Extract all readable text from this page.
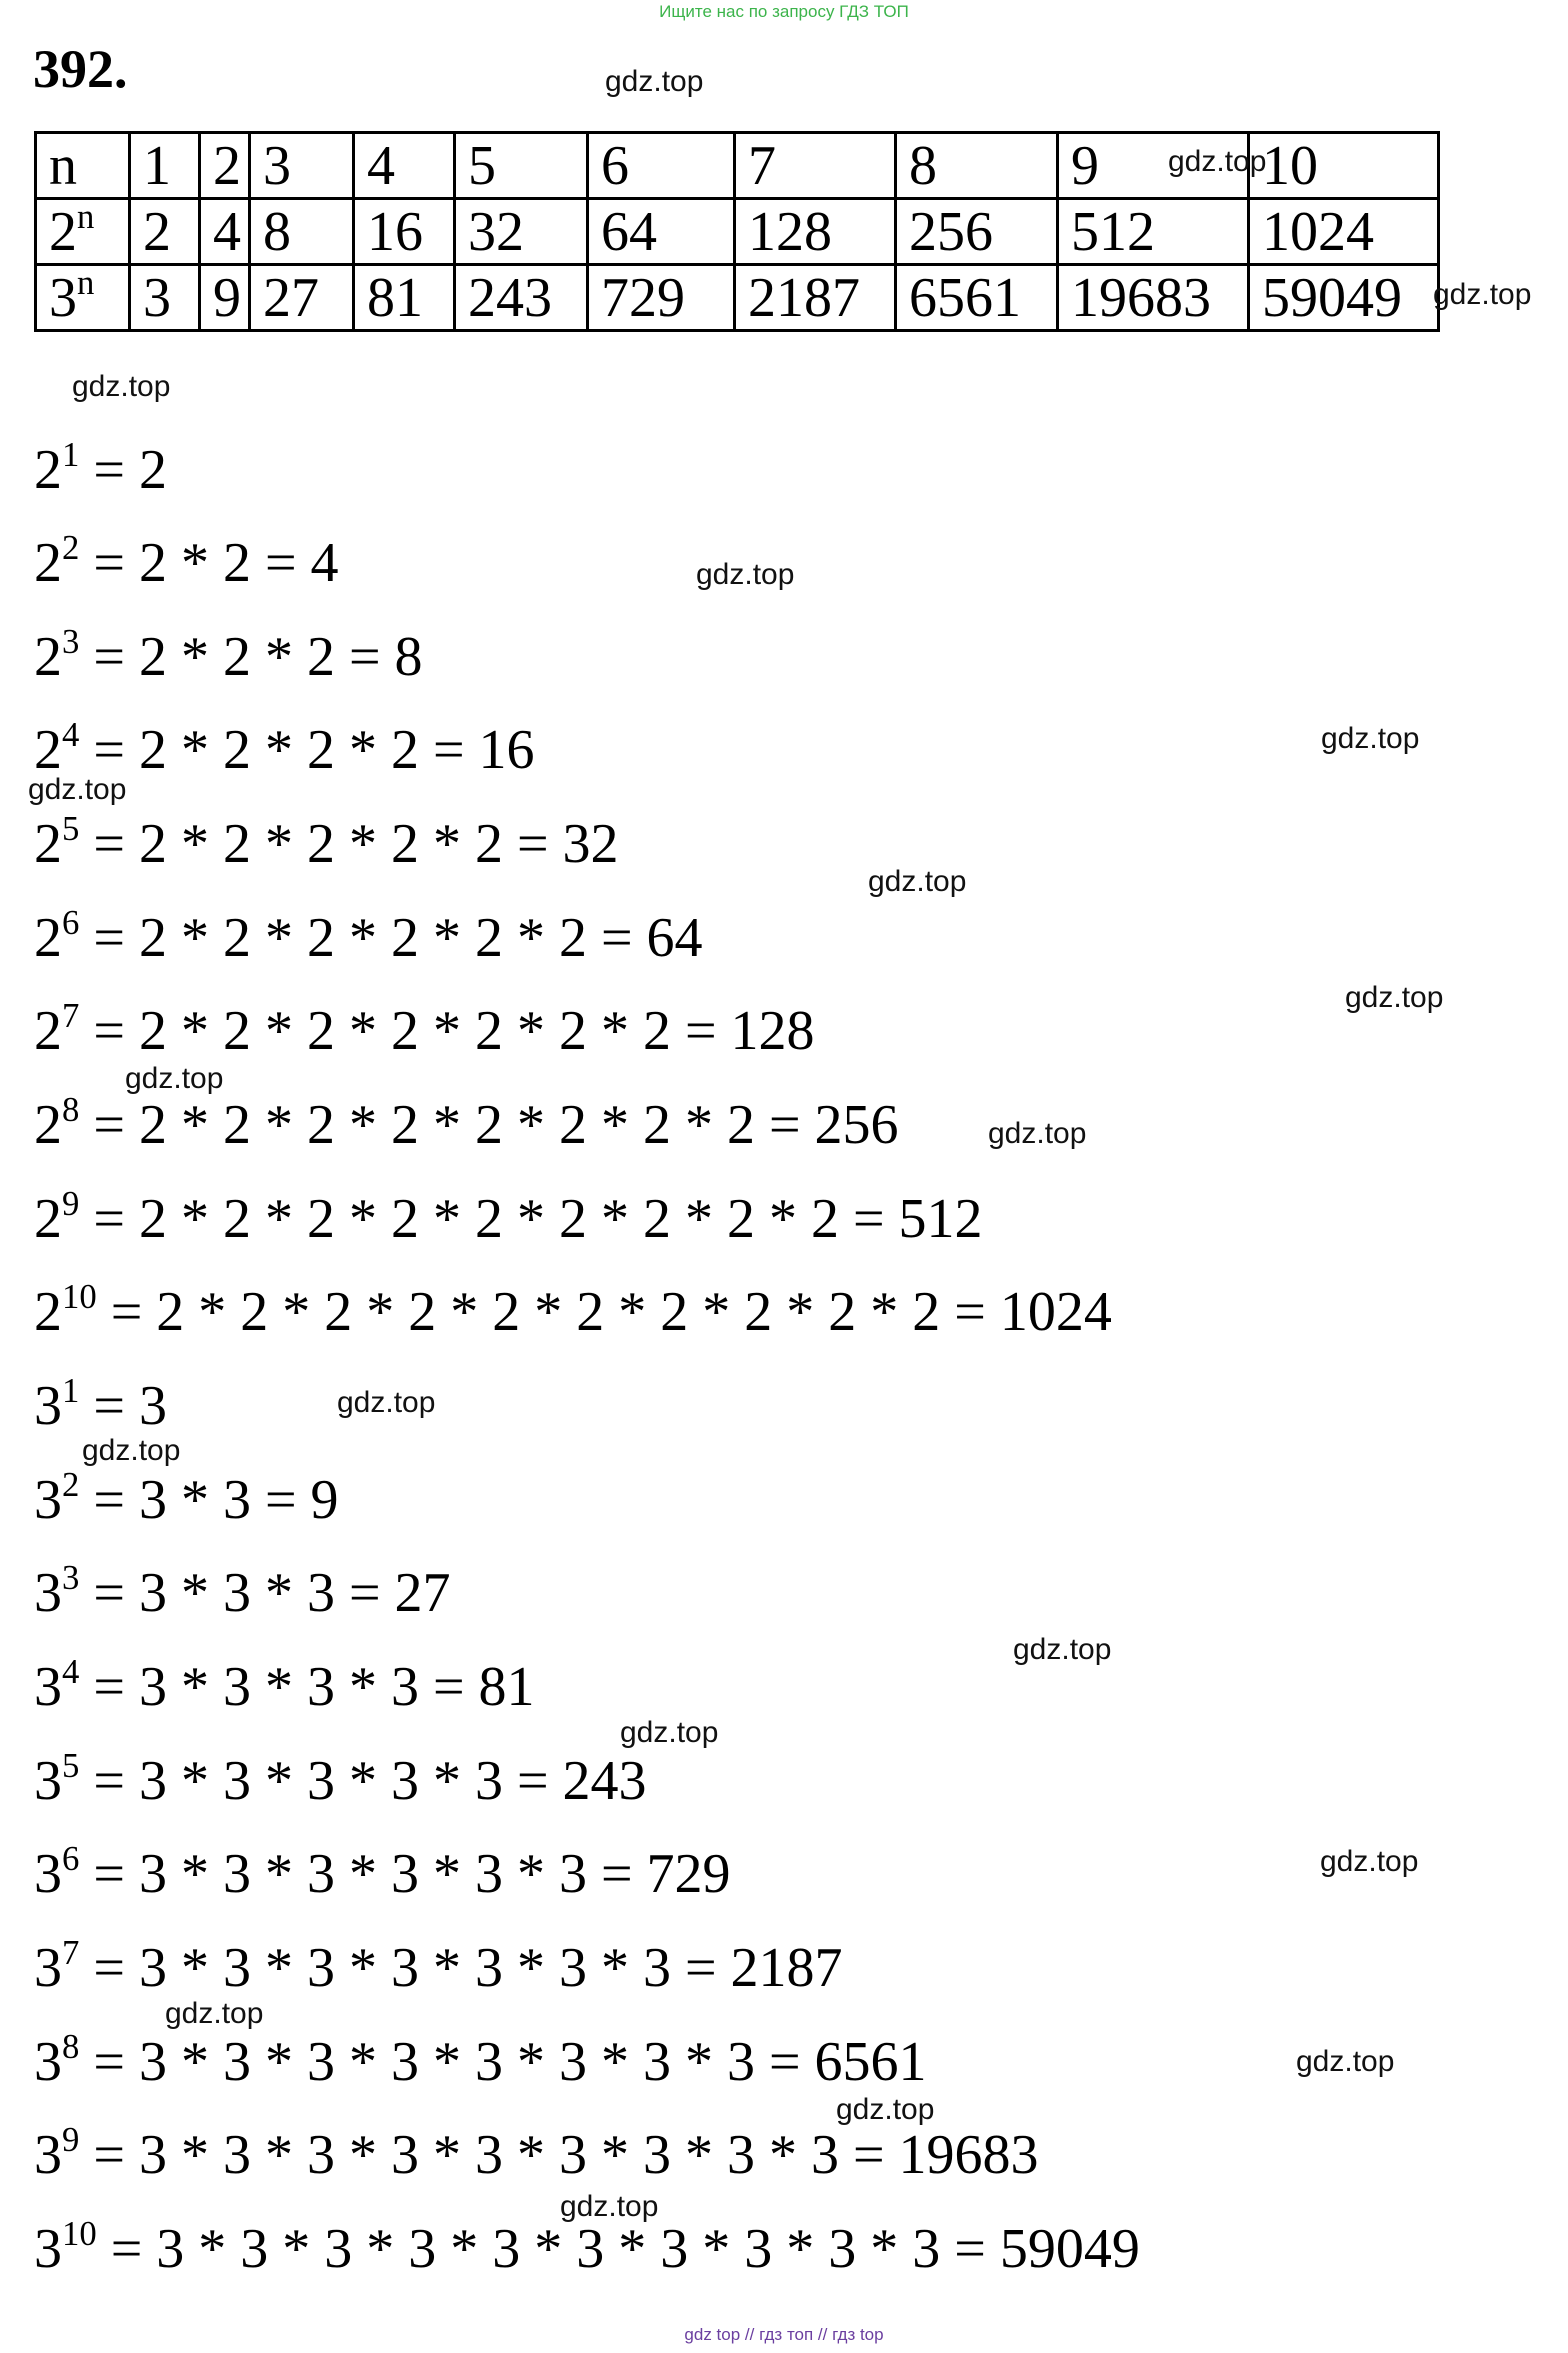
Ищите нас по запросу ГДЗ ТОП
392.
n	1	2	3	4	5	6	7	8	9	10
2$^n$	2	4	8	16	32	64	128	256	512	1024
3$^n$	3	9	27	81	243	729	2187	6561	19683	59049
$2^1 = 2$
$2^2 = 2 * 2 = 4$
$2^3 = 2 * 2 * 2 = 8$
$2^4 = 2 * 2 * 2 * 2 = 16$
$2^5 = 2 * 2 * 2 * 2 * 2 = 32$
$2^6 = 2 * 2 * 2 * 2 * 2 * 2 = 64$
$2^7 = 2 * 2 * 2 * 2 * 2 * 2 * 2 = 128$
$2^8 = 2 * 2 * 2 * 2 * 2 * 2 * 2 * 2 = 256$
$2^9 = 2 * 2 * 2 * 2 * 2 * 2 * 2 * 2 * 2 = 512$
$2^{10} = 2 * 2 * 2 * 2 * 2 * 2 * 2 * 2 * 2 * 2 = 1024$
$3^1 = 3$
$3^2 = 3 * 3 = 9$
$3^3 = 3 * 3 * 3 = 27$
$3^4 = 3 * 3 * 3 * 3 = 81$
$3^5 = 3 * 3 * 3 * 3 * 3 = 243$
$3^6 = 3 * 3 * 3 * 3 * 3 * 3 = 729$
$3^7 = 3 * 3 * 3 * 3 * 3 * 3 * 3 = 2187$
$3^8 = 3 * 3 * 3 * 3 * 3 * 3 * 3 * 3 = 6561$
$3^9 = 3 * 3 * 3 * 3 * 3 * 3 * 3 * 3 * 3 = 19683$
$3^{10} = 3 * 3 * 3 * 3 * 3 * 3 * 3 * 3 * 3 * 3 = 59049$
gdz.top
gdz.top
gdz.top
gdz.top
gdz.top
gdz.top
gdz.top
gdz.top
gdz.top
gdz.top
gdz.top
gdz.top
gdz.top
gdz.top
gdz.top
gdz.top
gdz.top
gdz.top
gdz.top
gdz.top
gdz top // гдз топ // гдз top
